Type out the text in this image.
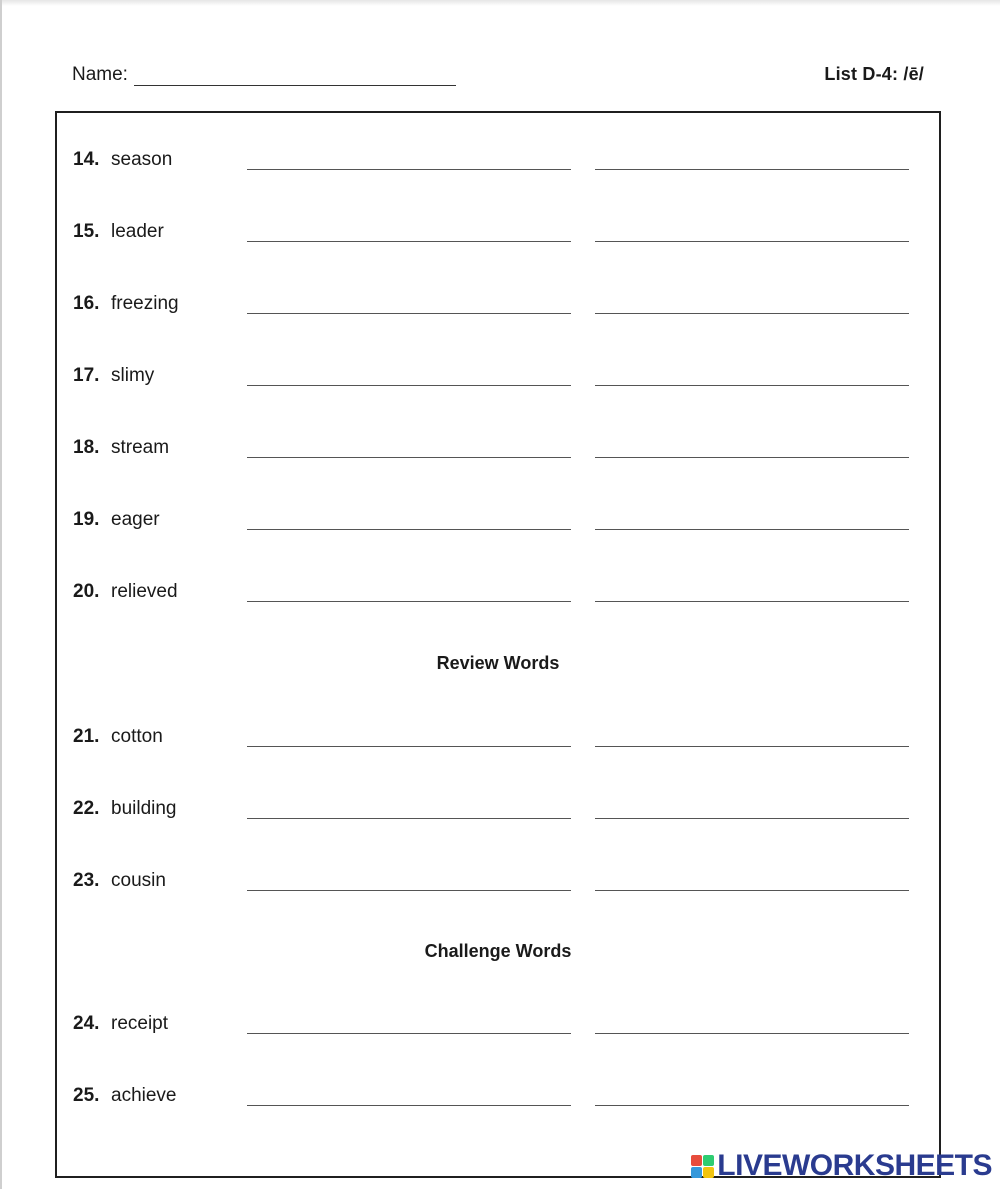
Name:	List D-4: /ē/
14. season
15. leader
16. freezing
17. slimy
18. stream
19. eager
20. relieved
Review Words
21. cotton
22. building
23. cousin
Challenge Words
24. receipt
25. achieve
LIVEWORKSHEETS
